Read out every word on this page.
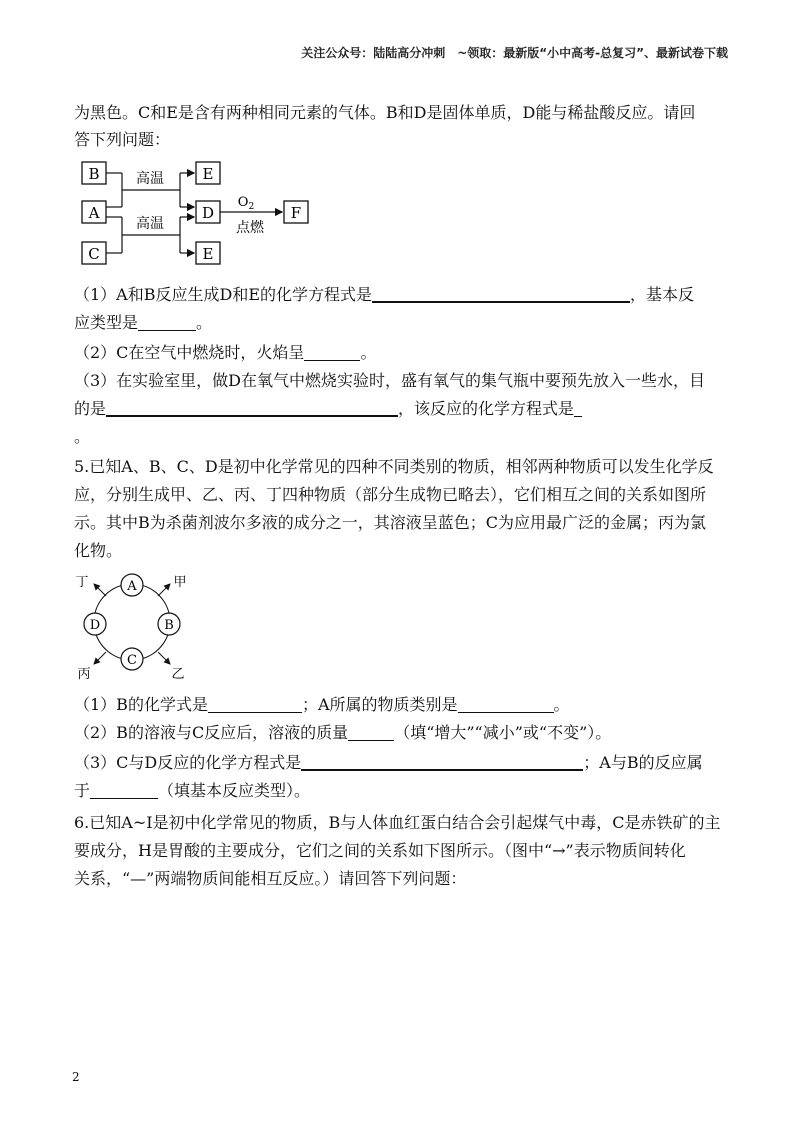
关注公众号：陆陆高分冲刺　~领取：最新版“小中高考-总复习”、最新试卷下载
为黑色。C和E是含有两种相同元素的气体。B和D是固体单质，D能与稀盐酸反应。请回
答下列问题：
B
A
C
高温
高温
E
D
E
$O_2$
点燃
F
（1）A和B反应生成D和E的化学方程式是	，基本反
应类型是	。
（2）C在空气中燃烧时，火焰呈	。
（3）在实验室里，做D在氧气中燃烧实验时，盛有氧气的集气瓶中要预先放入一些水，目
的是	，该反应的化学方程式是
。
5.已知A、B、C、D是初中化学常见的四种不同类别的物质，相邻两种物质可以发生化学反
应，分别生成甲、乙、丙、丁四种物质（部分生成物已略去），它们相互之间的关系如图所
示。其中B为杀菌剂波尔多液的成分之一，其溶液呈蓝色；C为应用最广泛的金属；丙为氯
化物。
A
B
C
D
甲
乙
丙
丁
（1）B的化学式是	；A所属的物质类别是	。
（2）B的溶液与C反应后，溶液的质量	（填“增大”“减小”或“不变”）。
（3）C与D反应的化学方程式是	；A与B的反应属
于	（填基本反应类型）。
6.已知A~I是初中化学常见的物质，B与人体血红蛋白结合会引起煤气中毒，C是赤铁矿的主
要成分，H是胃酸的主要成分，它们之间的关系如下图所示。（图中“→”表示物质间转化
关系，“—”两端物质间能相互反应。）请回答下列问题：
2
